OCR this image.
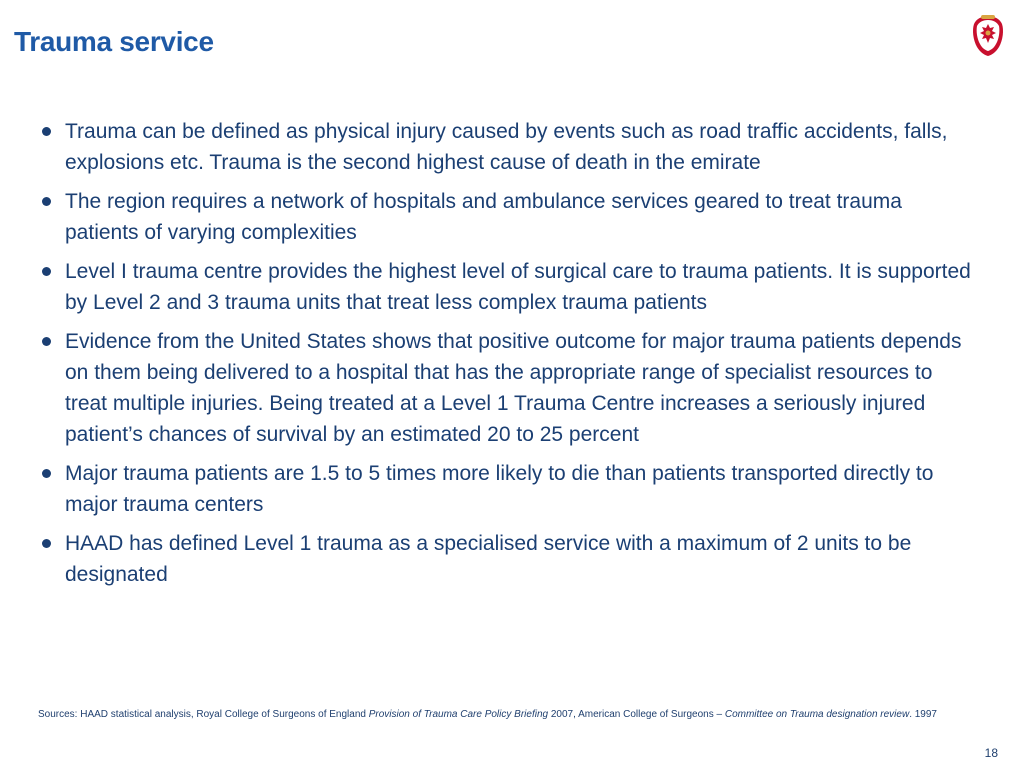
Trauma service
Trauma can be defined as physical injury caused by events such as road traffic accidents, falls, explosions etc. Trauma is the second highest cause of death in the emirate
The region requires a network of hospitals and ambulance services geared to treat trauma patients of varying complexities
Level I trauma centre provides the highest level of surgical care to trauma patients. It is supported by Level 2 and 3 trauma units that treat less complex trauma patients
Evidence from the United States shows that positive outcome for major trauma patients depends on them being delivered to a hospital that has the appropriate range of specialist resources to treat multiple injuries. Being treated at a Level 1 Trauma Centre increases a seriously injured patient’s chances of survival by an estimated 20 to 25 percent
Major trauma patients are 1.5 to 5 times more likely to die than patients transported directly to major trauma centers
HAAD has defined Level 1 trauma as a specialised service with a maximum of 2 units to be designated
Sources: HAAD statistical analysis, Royal College of Surgeons of England Provision of Trauma Care Policy Briefing 2007, American College of Surgeons – Committee on Trauma designation review. 1997
18
